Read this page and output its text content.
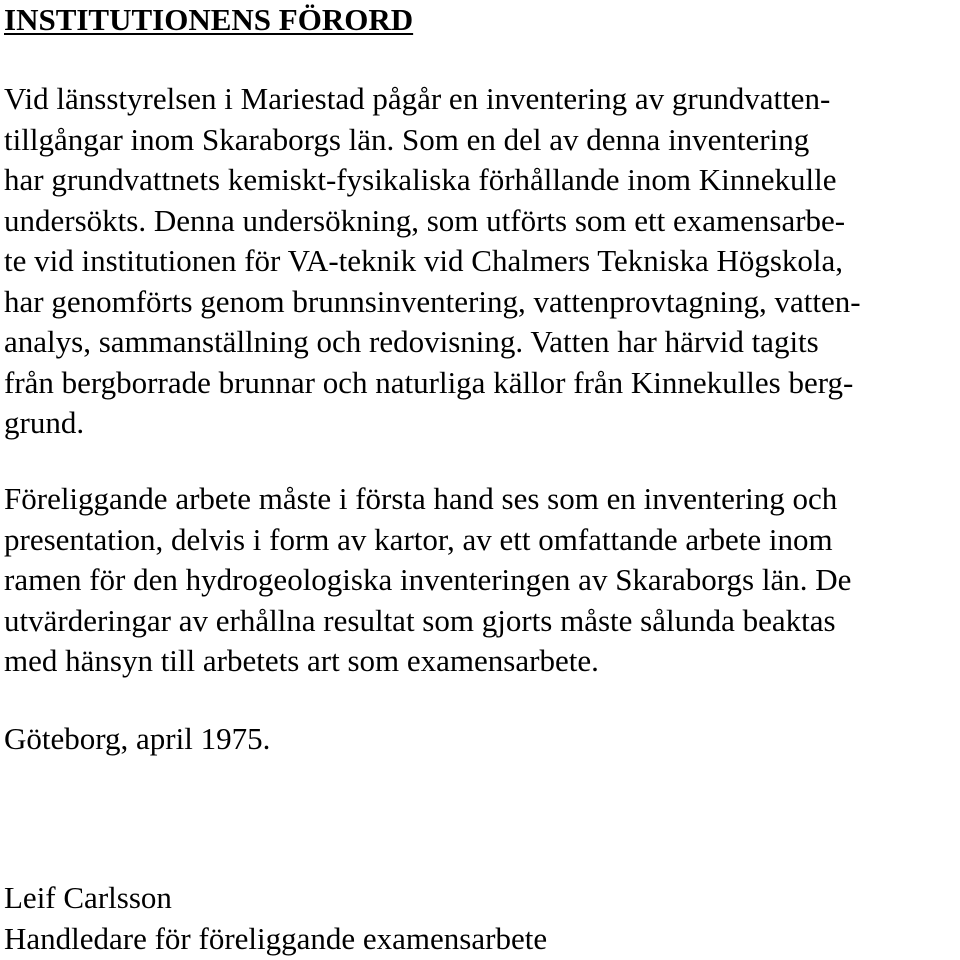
INSTITUTIONENS FÖRORD

Vid länsstyrelsen i Mariestad pågår en inventering av grundvatten-
tillgångar inom Skaraborgs län. Som en del av denna inventering
har grundvattnets kemiskt-fysikaliska förhållande inom Kinnekulle
undersökts. Denna undersökning, som utförts som ett examensarbe-
te vid institutionen för VA-teknik vid Chalmers Tekniska Högskola,
har genomförts genom brunnsinventering, vattenprovtagning, vatten-
analys, sammanställning och redovisning. Vatten har härvid tagits
från bergborrade brunnar och naturliga källor från Kinnekulles berg-
grund.

Föreliggande arbete måste i första hand ses som en inventering och
presentation, delvis i form av kartor, av ett omfattande arbete inom
ramen för den hydrogeologiska inventeringen av Skaraborgs län. De
utvärderingar av erhållna resultat som gjorts måste sålunda beaktas
med hänsyn till arbetets art som examensarbete.

Göteborg, april 1975.

Leif Carlsson
Handledare för föreliggande examensarbete
